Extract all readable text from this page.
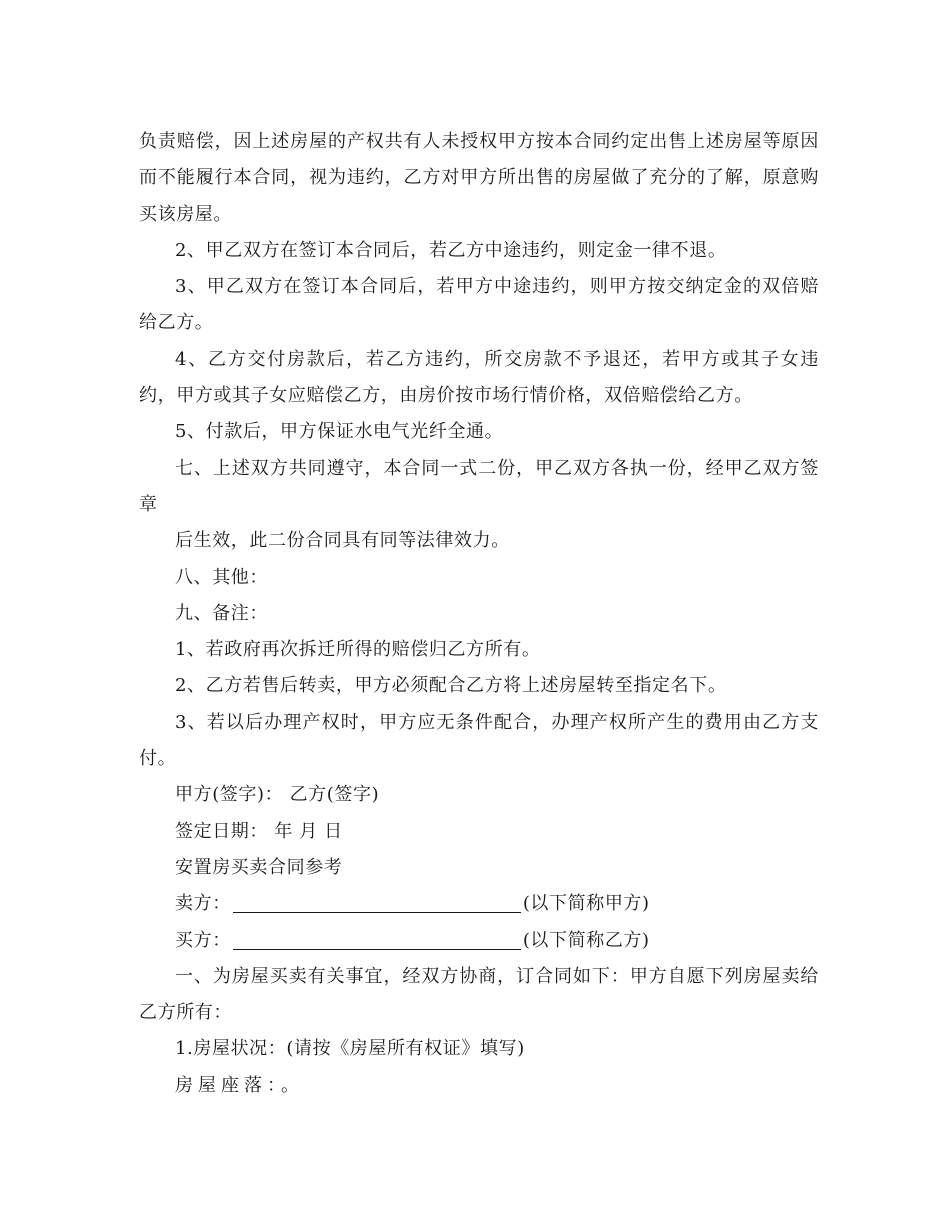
负责赔偿，因上述房屋的产权共有人未授权甲方按本合同约定出售上述房屋等原因而不能履行本合同，视为违约，乙方对甲方所出售的房屋做了充分的了解，原意购买该房屋。

2、甲乙双方在签订本合同后，若乙方中途违约，则定金一律不退。

3、甲乙双方在签订本合同后，若甲方中途违约，则甲方按交纳定金的双倍赔给乙方。

4、乙方交付房款后，若乙方违约，所交房款不予退还，若甲方或其子女违约，甲方或其子女应赔偿乙方，由房价按市场行情价格，双倍赔偿给乙方。

5、付款后，甲方保证水电气光纤全通。

七、上述双方共同遵守，本合同一式二份，甲乙双方各执一份，经甲乙双方签章

后生效，此二份合同具有同等法律效力。

八、其他：

九、备注：

1、若政府再次拆迁所得的赔偿归乙方所有。

2、乙方若售后转卖，甲方必须配合乙方将上述房屋转至指定名下。

3、若以后办理产权时，甲方应无条件配合，办理产权所产生的费用由乙方支付。

甲方(签字)： 乙方(签字)

签定日期： 年 月 日

安置房买卖合同参考

卖方：	(以下简称甲方)

买方：	(以下简称乙方)

一、为房屋买卖有关事宜，经双方协商，订合同如下：甲方自愿下列房屋卖给乙方所有：

1.房屋状况：(请按《房屋所有权证》填写)

房屋座落：。
